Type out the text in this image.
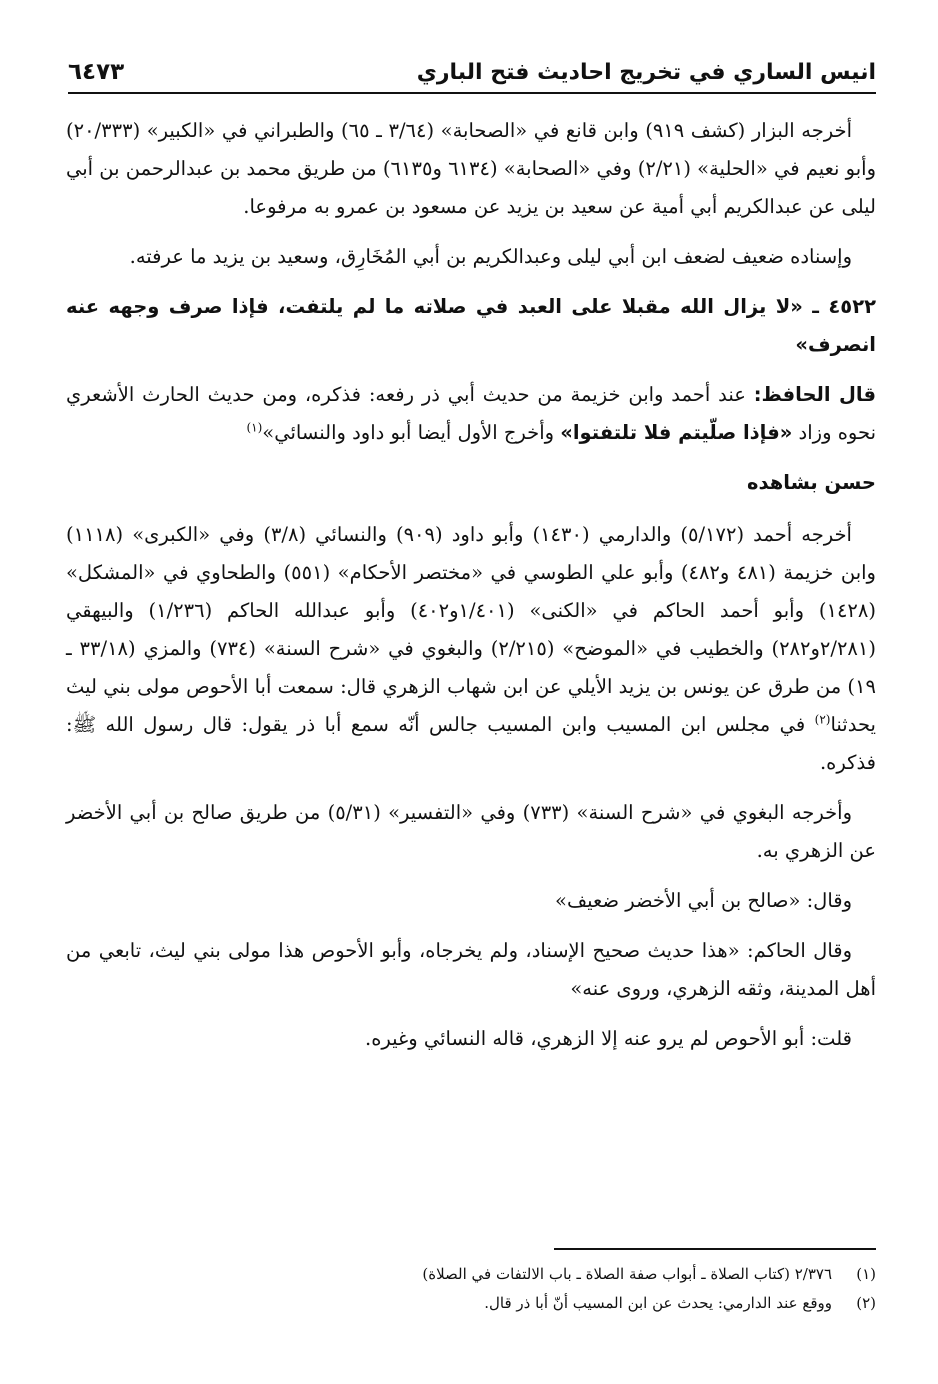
انيس الساري في تخريج احاديث فتح الباري
٦٤٧٣

أخرجه البزار (كشف ٩١٩) وابن قانع في «الصحابة» (٣/٦٤ ـ ٦٥) والطبراني في «الكبير» (٢٠/٣٣٣) وأبو نعيم في «الحلية» (٢/٢١) وفي «الصحابة» (٦١٣٤ و٦١٣٥) من طريق محمد بن عبدالرحمن بن أبي ليلى عن عبدالكريم أبي أمية عن سعيد بن يزيد عن مسعود بن عمرو به مرفوعا.

وإسناده ضعيف لضعف ابن أبي ليلى وعبدالكريم بن أبي المُخَارِق، وسعيد بن يزيد ما عرفته.

٤٥٢٢ ـ «لا يزال الله مقبلا على العبد في صلاته ما لم يلتفت، فإذا صرف وجهه عنه انصرف»

قال الحافظ: عند أحمد وابن خزيمة من حديث أبي ذر رفعه: فذكره، ومن حديث الحارث الأشعري نحوه وزاد «فإذا صلّيتم فلا تلتفتوا» وأخرج الأول أيضا أبو داود والنسائي»$^{(١)}$

حسن بشاهده

أخرجه أحمد (٥/١٧٢) والدارمي (١٤٣٠) وأبو داود (٩٠٩) والنسائي (٣/٨) وفي «الكبرى» (١١١٨) وابن خزيمة (٤٨١ و٤٨٢) وأبو علي الطوسي في «مختصر الأحكام» (٥٥١) والطحاوي في «المشكل» (١٤٢٨) وأبو أحمد الحاكم في «الكنى» (١/٤٠١و٤٠٢) وأبو عبدالله الحاكم (١/٢٣٦) والبيهقي (٢/٢٨١و٢٨٢) والخطيب في «الموضح» (٢/٢١٥) والبغوي في «شرح السنة» (٧٣٤) والمزي (٣٣/١٨ ـ ١٩) من طرق عن يونس بن يزيد الأيلي عن ابن شهاب الزهري قال: سمعت أبا الأحوص مولى بني ليث يحدثنا$^{(٢)}$ في مجلس ابن المسيب وابن المسيب جالس أنّه سمع أبا ذر يقول: قال رسول الله ﷺ: فذكره.

وأخرجه البغوي في «شرح السنة» (٧٣٣) وفي «التفسير» (٥/٣١) من طريق صالح بن أبي الأخضر عن الزهري به.

وقال: «صالح بن أبي الأخضر ضعيف»

وقال الحاكم: «هذا حديث صحيح الإسناد، ولم يخرجاه، وأبو الأحوص هذا مولى بني ليث، تابعي من أهل المدينة، وثقه الزهري، وروى عنه»

قلت: أبو الأحوص لم يرو عنه إلا الزهري، قاله النسائي وغيره.

(١)
٢/٣٧٦ (كتاب الصلاة ـ أبواب صفة الصلاة ـ باب الالتفات في الصلاة)
(٢)
ووقع عند الدارمي: يحدث عن ابن المسيب أنّ أبا ذر قال.
